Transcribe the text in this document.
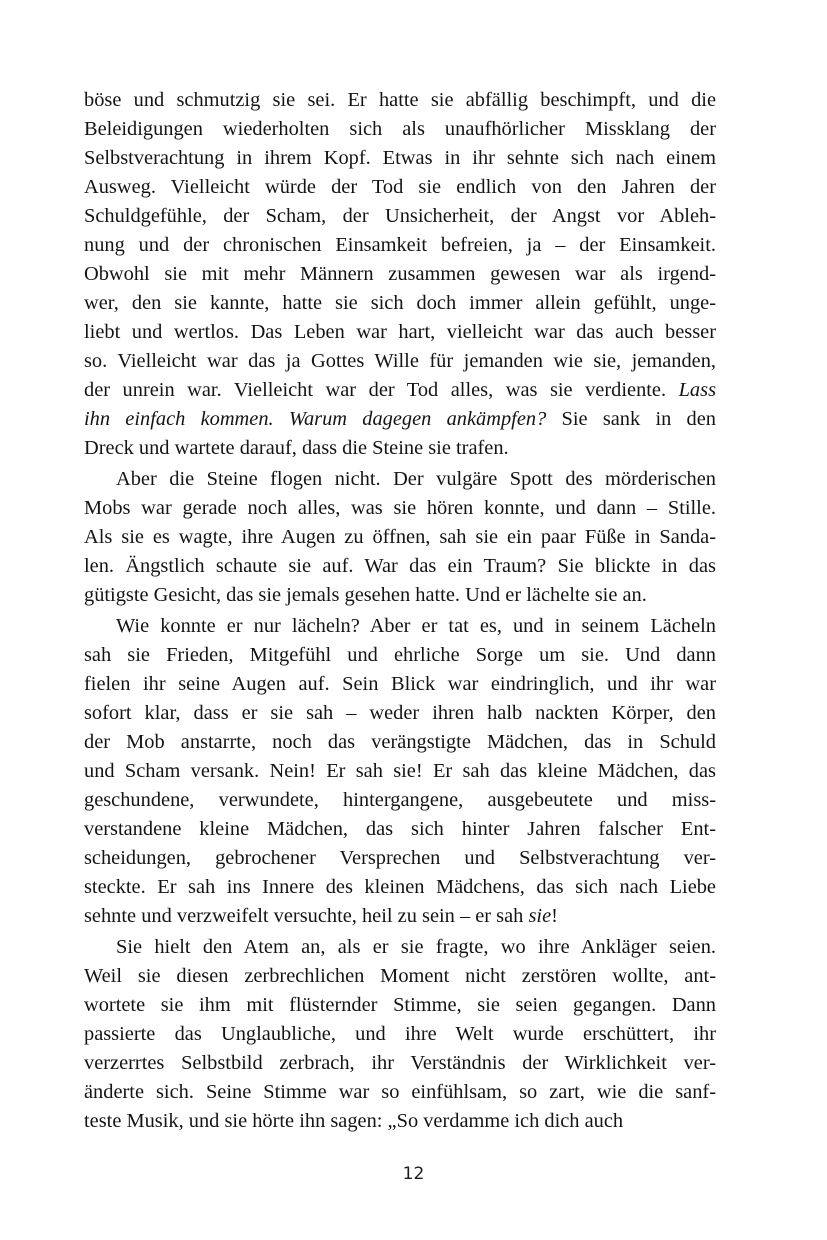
böse und schmutzig sie sei. Er hatte sie abfällig beschimpft, und die
Beleidigungen wiederholten sich als unaufhörlicher Missklang der
Selbstverachtung in ihrem Kopf. Etwas in ihr sehnte sich nach einem
Ausweg. Vielleicht würde der Tod sie endlich von den Jahren der
Schuldgefühle, der Scham, der Unsicherheit, der Angst vor Ableh-
nung und der chronischen Einsamkeit befreien, ja – der Einsamkeit.
Obwohl sie mit mehr Männern zusammen gewesen war als irgend-
wer, den sie kannte, hatte sie sich doch immer allein gefühlt, unge-
liebt und wertlos. Das Leben war hart, vielleicht war das auch besser
so. Vielleicht war das ja Gottes Wille für jemanden wie sie, jemanden,
der unrein war. Vielleicht war der Tod alles, was sie verdiente. Lass
ihn einfach kommen. Warum dagegen ankämpfen? Sie sank in den
Dreck und wartete darauf, dass die Steine sie trafen.
Aber die Steine flogen nicht. Der vulgäre Spott des mörderischen
Mobs war gerade noch alles, was sie hören konnte, und dann – Stille.
Als sie es wagte, ihre Augen zu öffnen, sah sie ein paar Füße in Sanda-
len. Ängstlich schaute sie auf. War das ein Traum? Sie blickte in das
gütigste Gesicht, das sie jemals gesehen hatte. Und er lächelte sie an.
Wie konnte er nur lächeln? Aber er tat es, und in seinem Lächeln
sah sie Frieden, Mitgefühl und ehrliche Sorge um sie. Und dann
fielen ihr seine Augen auf. Sein Blick war eindringlich, und ihr war
sofort klar, dass er sie sah – weder ihren halb nackten Körper, den
der Mob anstarrte, noch das verängstigte Mädchen, das in Schuld
und Scham versank. Nein! Er sah sie! Er sah das kleine Mädchen, das
geschundene, verwundete, hintergangene, ausgebeutete und miss-
verstandene kleine Mädchen, das sich hinter Jahren falscher Ent-
scheidungen, gebrochener Versprechen und Selbstverachtung ver-
steckte. Er sah ins Innere des kleinen Mädchens, das sich nach Liebe
sehnte und verzweifelt versuchte, heil zu sein – er sah sie!
Sie hielt den Atem an, als er sie fragte, wo ihre Ankläger seien.
Weil sie diesen zerbrechlichen Moment nicht zerstören wollte, ant-
wortete sie ihm mit flüsternder Stimme, sie seien gegangen. Dann
passierte das Unglaubliche, und ihre Welt wurde erschüttert, ihr
verzerrtes Selbstbild zerbrach, ihr Verständnis der Wirklichkeit ver-
änderte sich. Seine Stimme war so einfühlsam, so zart, wie die sanf-
teste Musik, und sie hörte ihn sagen: „So verdamme ich dich auch
12
